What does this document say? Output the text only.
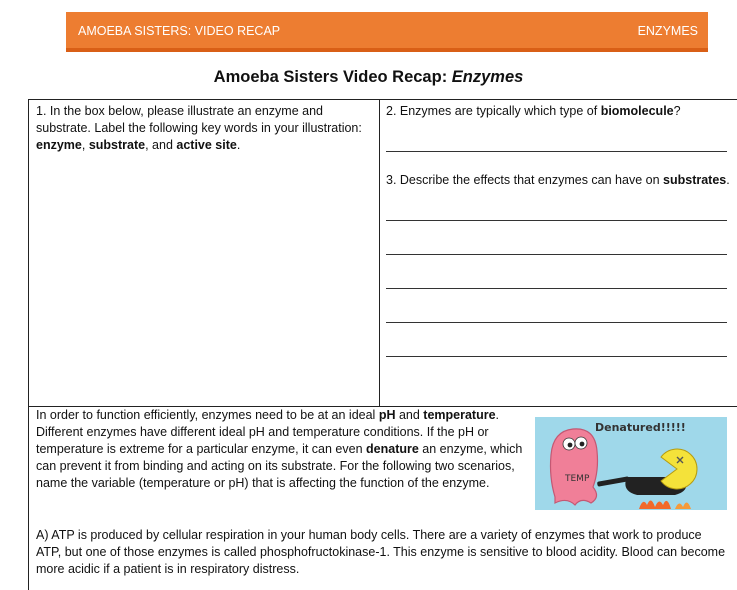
AMOEBA SISTERS: VIDEO RECAP	ENZYMES
Amoeba Sisters Video Recap: Enzymes
1. In the box below, please illustrate an enzyme and substrate. Label the following key words in your illustration: enzyme, substrate, and active site.
2. Enzymes are typically which type of biomolecule?
3. Describe the effects that enzymes can have on substrates.
In order to function efficiently, enzymes need to be at an ideal pH and temperature. Different enzymes have different ideal pH and temperature conditions. If the pH or temperature is extreme for a particular enzyme, it can even denature an enzyme, which can prevent it from binding and acting on its substrate. For the following two scenarios, name the variable (temperature or pH) that is affecting the function of the enzyme.	TEMP
Denatured!!!!!
A) ATP is produced by cellular respiration in your human body cells. There are a variety of enzymes that work to produce ATP, but one of those enzymes is called phosphofructokinase-1. This enzyme is sensitive to blood acidity. Blood can become more acidic if a patient is in respiratory distress.
